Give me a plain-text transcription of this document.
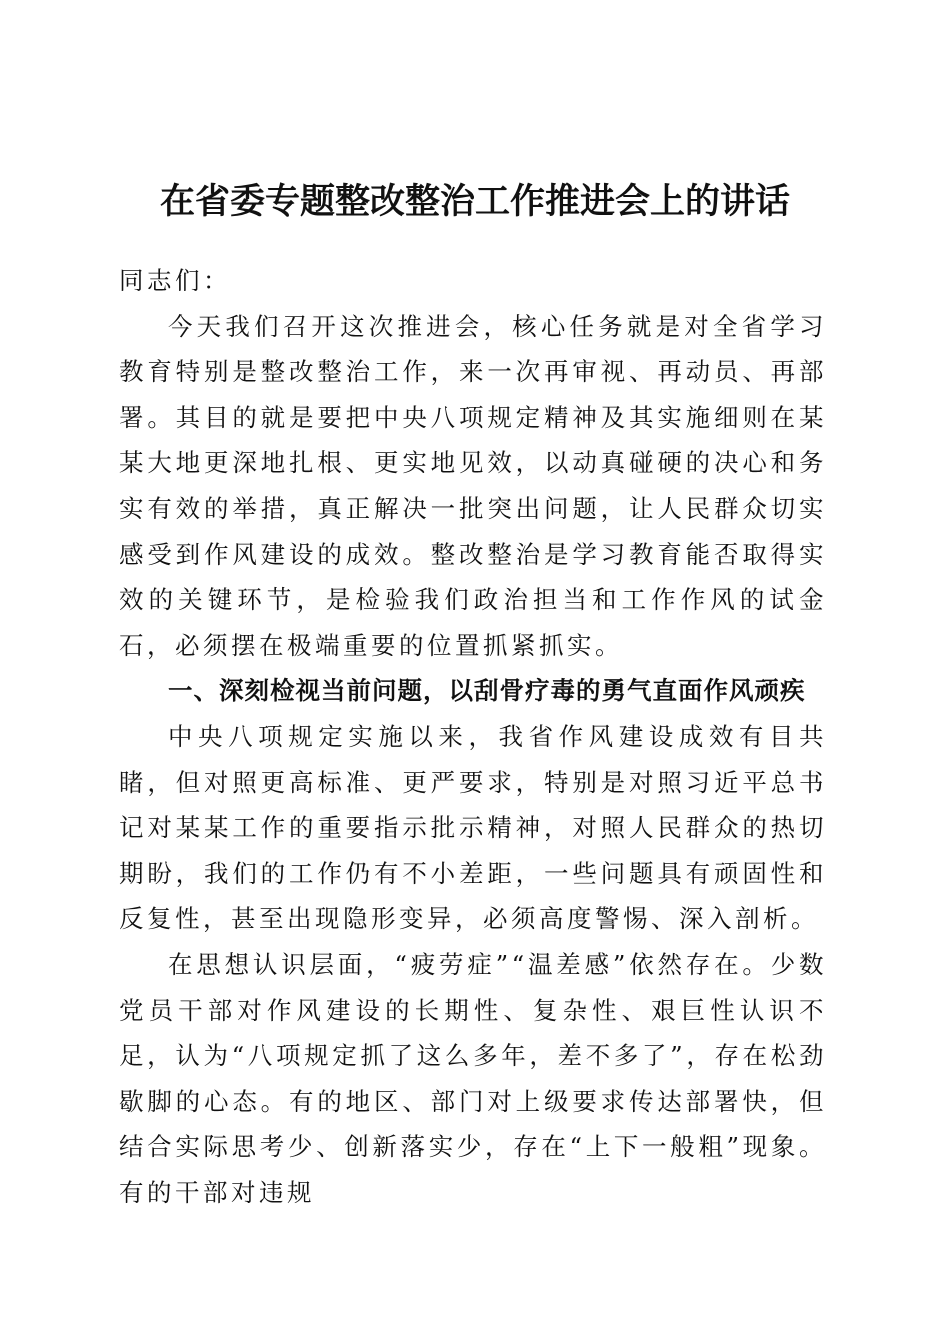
在省委专题整改整治工作推进会上的讲话

同志们：

今天我们召开这次推进会，核心任务就是对全省学习教育特别是整改整治工作，来一次再审视、再动员、再部署。其目的就是要把中央八项规定精神及其实施细则在某某大地更深地扎根、更实地见效，以动真碰硬的决心和务实有效的举措，真正解决一批突出问题，让人民群众切实感受到作风建设的成效。整改整治是学习教育能否取得实效的关键环节，是检验我们政治担当和工作作风的试金石，必须摆在极端重要的位置抓紧抓实。

一、深刻检视当前问题，以刮骨疗毒的勇气直面作风顽疾

中央八项规定实施以来，我省作风建设成效有目共睹，但对照更高标准、更严要求，特别是对照习近平总书记对某某工作的重要指示批示精神，对照人民群众的热切期盼，我们的工作仍有不小差距，一些问题具有顽固性和反复性，甚至出现隐形变异，必须高度警惕、深入剖析。

在思想认识层面，“疲劳症”“温差感”依然存在。少数党员干部对作风建设的长期性、复杂性、艰巨性认识不足，认为“八项规定抓了这么多年，差不多了”，存在松劲歇脚的心态。有的地区、部门对上级要求传达部署快，但结合实际思考少、创新落实少，存在“上下一般粗”现象。有的干部对违规
